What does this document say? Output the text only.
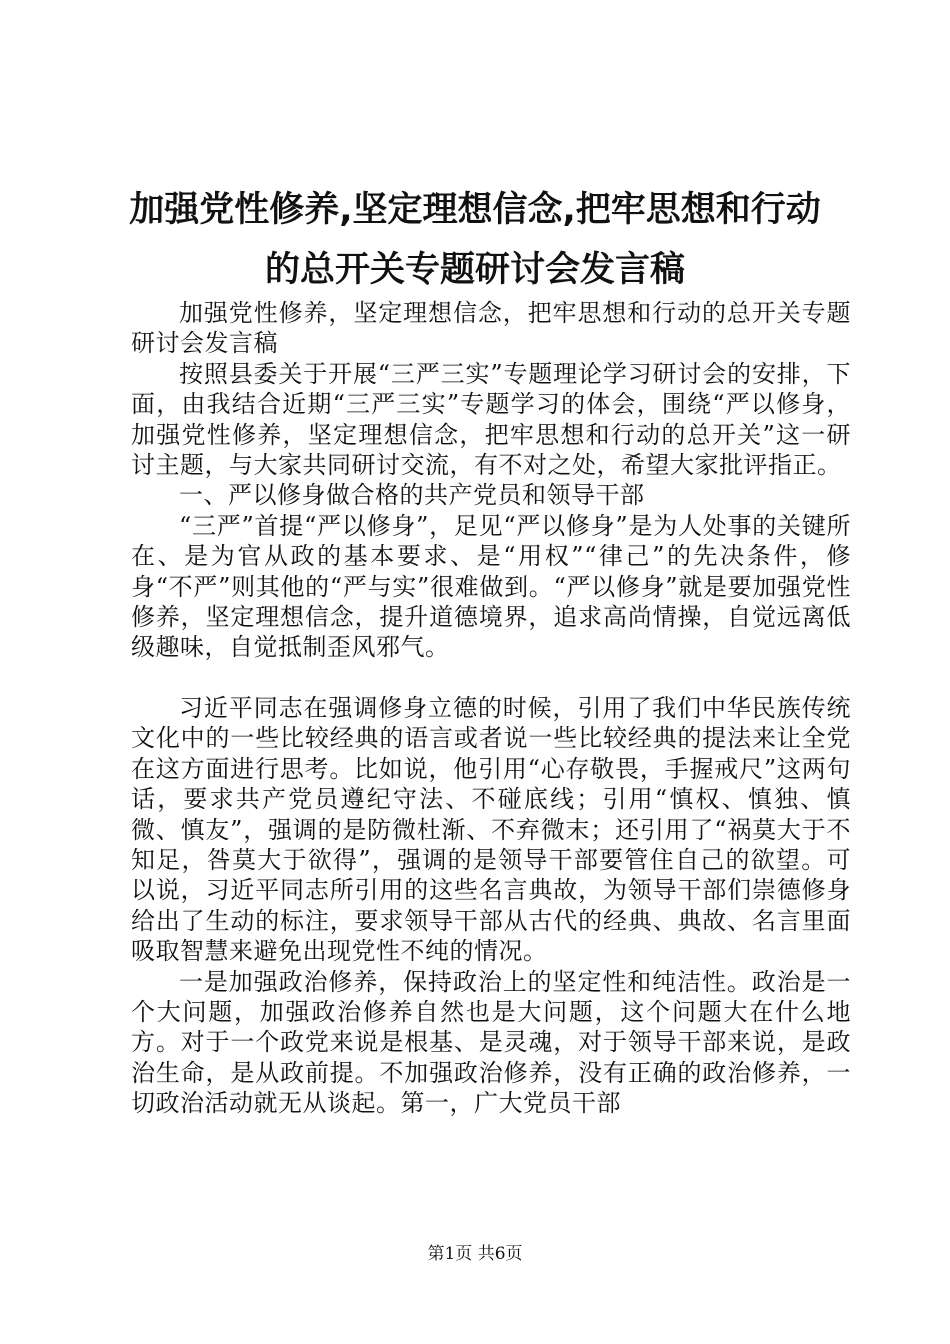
加强党性修养,坚定理想信念,把牢思想和行动
的总开关专题研讨会发言稿

加强党性修养，坚定理想信念，把牢思想和行动的总开关专题研讨会发言稿

按照县委关于开展“三严三实”专题理论学习研讨会的安排，下面，由我结合近期“三严三实”专题学习的体会，围绕“严以修身，加强党性修养，坚定理想信念，把牢思想和行动的总开关”这一研讨主题，与大家共同研讨交流，有不对之处，希望大家批评指正。

一、严以修身做合格的共产党员和领导干部

“三严”首提“严以修身”，足见“严以修身”是为人处事的关键所在、是为官从政的基本要求、是“用权”“律己”的先决条件，修身“不严”则其他的“严与实”很难做到。“严以修身”就是要加强党性修养，坚定理想信念，提升道德境界，追求高尚情操，自觉远离低级趣味，自觉抵制歪风邪气。

习近平同志在强调修身立德的时候，引用了我们中华民族传统文化中的一些比较经典的语言或者说一些比较经典的提法来让全党在这方面进行思考。比如说，他引用“心存敬畏，手握戒尺”这两句话，要求共产党员遵纪守法、不碰底线；引用“慎权、慎独、慎微、慎友”，强调的是防微杜渐、不弃微末；还引用了“祸莫大于不知足，咎莫大于欲得”，强调的是领导干部要管住自己的欲望。可以说，习近平同志所引用的这些名言典故，为领导干部们崇德修身给出了生动的标注，要求领导干部从古代的经典、典故、名言里面吸取智慧来避免出现党性不纯的情况。

一是加强政治修养，保持政治上的坚定性和纯洁性。政治是一个大问题，加强政治修养自然也是大问题，这个问题大在什么地方。对于一个政党来说是根基、是灵魂，对于领导干部来说，是政治生命，是从政前提。不加强政治修养，没有正确的政治修养，一切政治活动就无从谈起。第一，广大党员干部

第1页 共6页
